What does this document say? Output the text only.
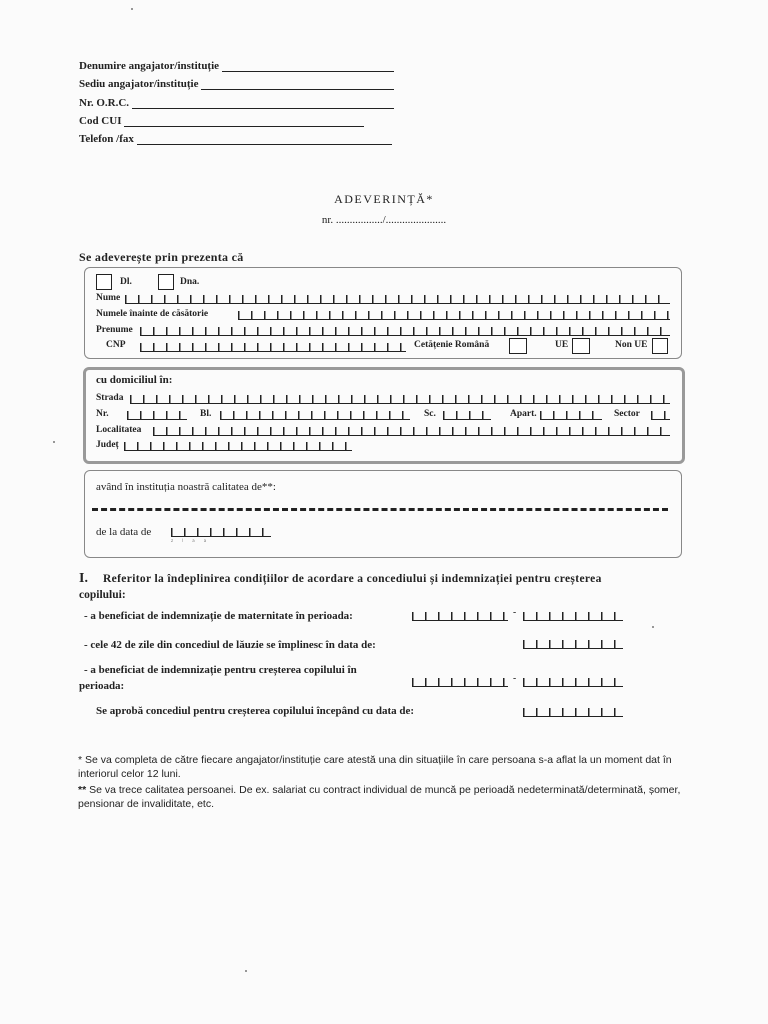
Denumire angajator/instituție
Sediu angajator/instituție
Nr. O.R.C.
Cod CUI
Telefon /fax
ADEVERINȚĂ*
nr. ................./......................
Se adeverește prin prezenta că
Dl.	Dna.
Nume
Numele înainte de căsătorie
Prenume
CNP	Cetățenie Română	UE	Non UE
cu domiciliul în:
Strada
Nr.	Bl.	Sc.	Apart.	Sector
Localitatea
Județ
având în instituția noastră calitatea de**:
de la data de
z l a a
I. Referitor la îndeplinirea condițiilor de acordare a concediului și indemnizației pentru creșterea
copilului:
- a beneficiat de indemnizație de maternitate în perioada:	-
- cele 42 de zile din concediul de lăuzie se împlinesc în data de:
- a beneficiat de indemnizație pentru creșterea copilului în
perioada:
-
Se aprobă concediul pentru creșterea copilului începând cu data de:
* Se va completa de către fiecare angajator/instituție care atestă una din situațiile în care persoana s-a aflat la un moment dat în interiorul celor 12 luni.
** Se va trece calitatea persoanei. De ex. salariat cu contract individual de muncă pe perioadă nedeterminată/determinată, șomer, pensionar de invaliditate, etc.
